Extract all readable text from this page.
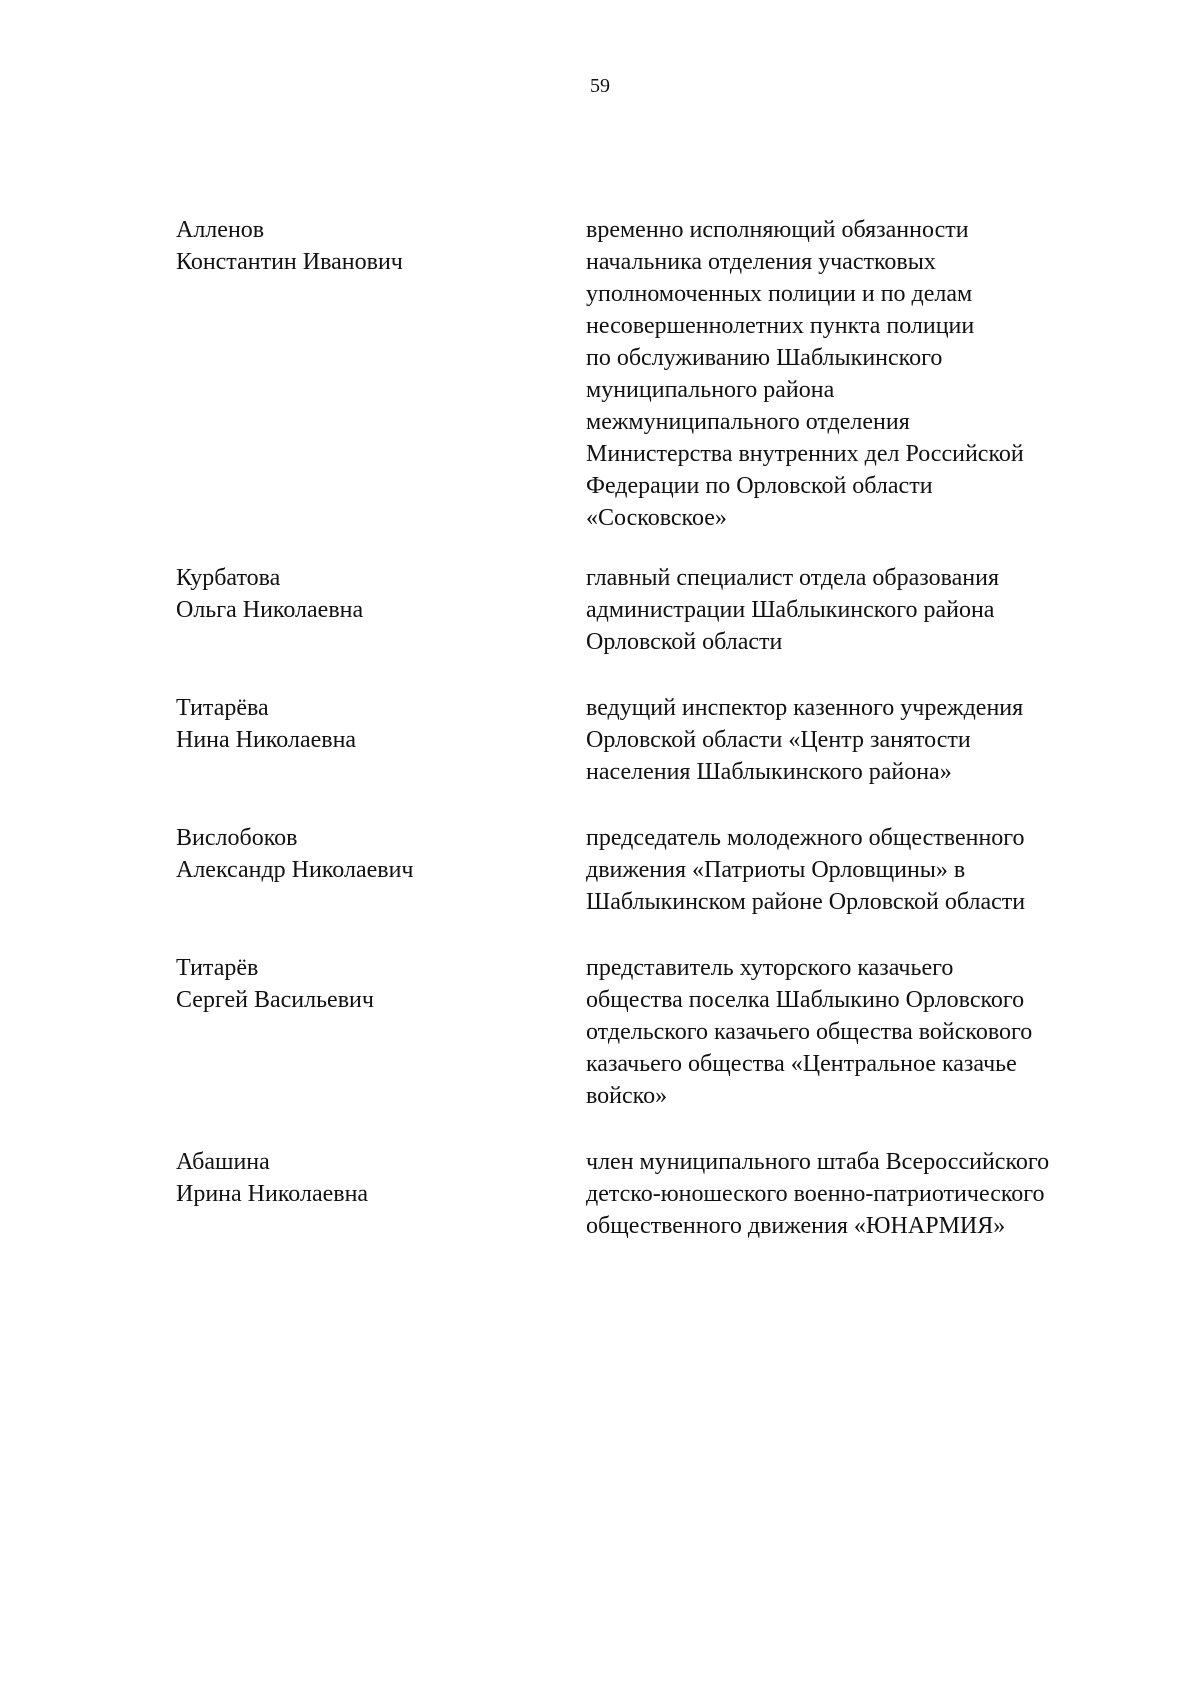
59
Алленов
Константин Иванович
временно исполняющий обязанности
начальника отделения участковых
уполномоченных полиции и по делам
несовершеннолетних пункта полиции
по обслуживанию Шаблыкинского
муниципального района
межмуниципального отделения
Министерства внутренних дел Российской
Федерации по Орловской области
«Сосковское»
Курбатова
Ольга Николаевна
главный специалист отдела образования
администрации Шаблыкинского района
Орловской области
Титарёва
Нина Николаевна
ведущий инспектор казенного учреждения
Орловской области «Центр занятости
населения Шаблыкинского района»
Вислобоков
Александр Николаевич
председатель молодежного общественного
движения «Патриоты Орловщины» в
Шаблыкинском районе Орловской области
Титарёв
Сергей Васильевич
представитель хуторского казачьего
общества поселка Шаблыкино Орловского
отдельского казачьего общества войскового
казачьего общества «Центральное казачье
войско»
Абашина
Ирина Николаевна
член муниципального штаба Всероссийского
детско-юношеского военно-патриотического
общественного движения «ЮНАРМИЯ»
